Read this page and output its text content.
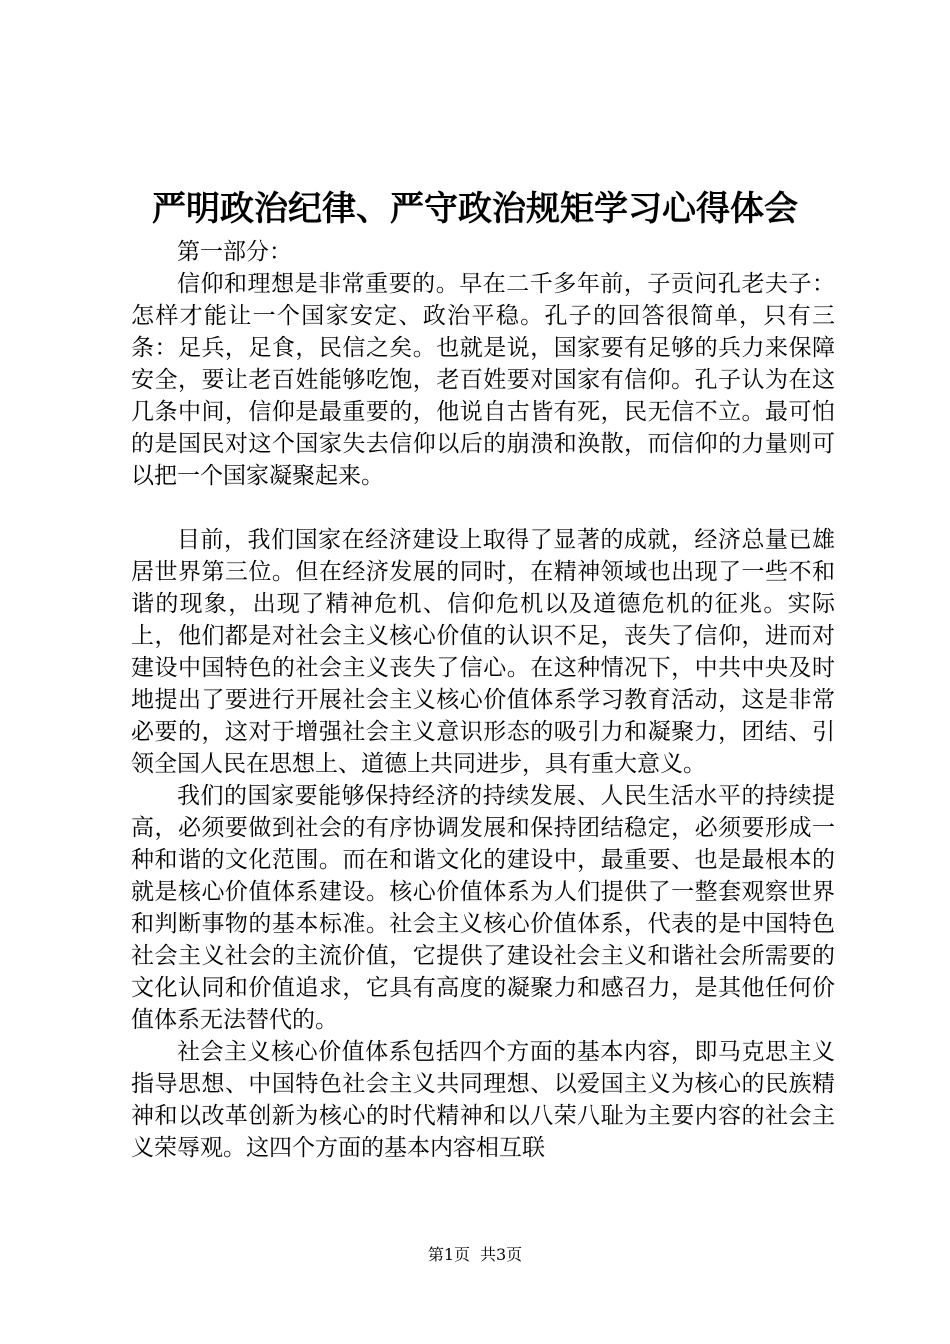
严明政治纪律、严守政治规矩学习心得体会

第一部分：

信仰和理想是非常重要的。早在二千多年前，子贡问孔老夫子：怎样才能让一个国家安定、政治平稳。孔子的回答很简单，只有三条：足兵，足食，民信之矣。也就是说，国家要有足够的兵力来保障安全，要让老百姓能够吃饱，老百姓要对国家有信仰。孔子认为在这几条中间，信仰是最重要的，他说自古皆有死，民无信不立。最可怕的是国民对这个国家失去信仰以后的崩溃和涣散，而信仰的力量则可以把一个国家凝聚起来。

目前，我们国家在经济建设上取得了显著的成就，经济总量已雄居世界第三位。但在经济发展的同时，在精神领域也出现了一些不和谐的现象，出现了精神危机、信仰危机以及道德危机的征兆。实际上，他们都是对社会主义核心价值的认识不足，丧失了信仰，进而对建设中国特色的社会主义丧失了信心。在这种情况下，中共中央及时地提出了要进行开展社会主义核心价值体系学习教育活动，这是非常必要的，这对于增强社会主义意识形态的吸引力和凝聚力，团结、引领全国人民在思想上、道德上共同进步，具有重大意义。

我们的国家要能够保持经济的持续发展、人民生活水平的持续提高，必须要做到社会的有序协调发展和保持团结稳定，必须要形成一种和谐的文化范围。而在和谐文化的建设中，最重要、也是最根本的就是核心价值体系建设。核心价值体系为人们提供了一整套观察世界和判断事物的基本标准。社会主义核心价值体系，代表的是中国特色社会主义社会的主流价值，它提供了建设社会主义和谐社会所需要的文化认同和价值追求，它具有高度的凝聚力和感召力，是其他任何价值体系无法替代的。

社会主义核心价值体系包括四个方面的基本内容，即马克思主义指导思想、中国特色社会主义共同理想、以爱国主义为核心的民族精神和以改革创新为核心的时代精神和以八荣八耻为主要内容的社会主义荣辱观。这四个方面的基本内容相互联

第1页 共3页
